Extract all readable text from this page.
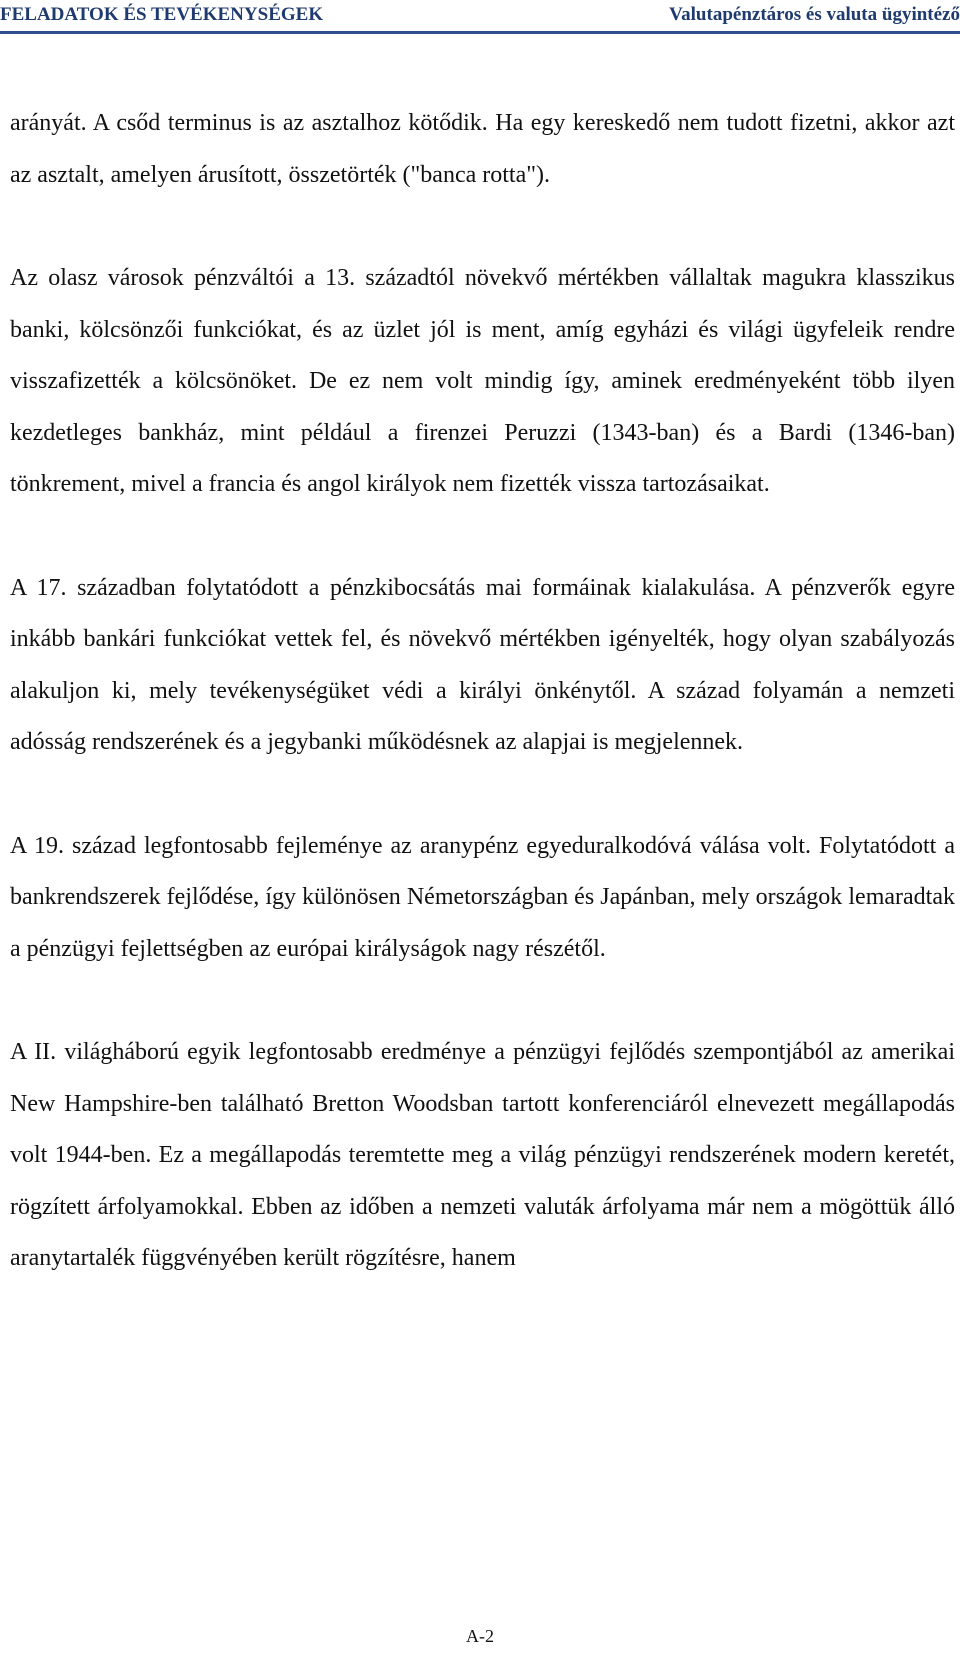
FELADATOK ÉS TEVÉKENYSÉGEK	Valutapénztáros és valuta ügyintéző

arányát. A csőd terminus is az asztalhoz kötődik. Ha egy kereskedő nem tudott fizetni, akkor azt az asztalt, amelyen árusított, összetörték ("banca rotta").

Az olasz városok pénzváltói a 13. századtól növekvő mértékben vállaltak magukra klasszikus banki, kölcsönzői funkciókat, és az üzlet jól is ment, amíg egyházi és világi ügyfeleik rendre visszafizették a kölcsönöket. De ez nem volt mindig így, aminek eredményeként több ilyen kezdetleges bankház, mint például a firenzei Peruzzi (1343-ban) és a Bardi (1346-ban) tönkrement, mivel a francia és angol királyok nem fizették vissza tartozásaikat.

A 17. században folytatódott a pénzkibocsátás mai formáinak kialakulása. A pénzverők egyre inkább bankári funkciókat vettek fel, és növekvő mértékben igényelték, hogy olyan szabályozás alakuljon ki, mely tevékenységüket védi a királyi önkénytől. A század folyamán a nemzeti adósság rendszerének és a jegybanki működésnek az alapjai is megjelennek.

A 19. század legfontosabb fejleménye az aranypénz egyeduralkodóvá válása volt. Folytatódott a bankrendszerek fejlődése, így különösen Németországban és Japánban, mely országok lemaradtak a pénzügyi fejlettségben az európai királyságok nagy részétől.

A II. világháború egyik legfontosabb eredménye a pénzügyi fejlődés szempontjából az amerikai New Hampshire-ben található Bretton Woodsban tartott konferenciáról elnevezett megállapodás volt 1944-ben. Ez a megállapodás teremtette meg a világ pénzügyi rendszerének modern keretét, rögzített árfolyamokkal. Ebben az időben a nemzeti valuták árfolyama már nem a mögöttük álló aranytartalék függvényében került rögzítésre, hanem

A-2
